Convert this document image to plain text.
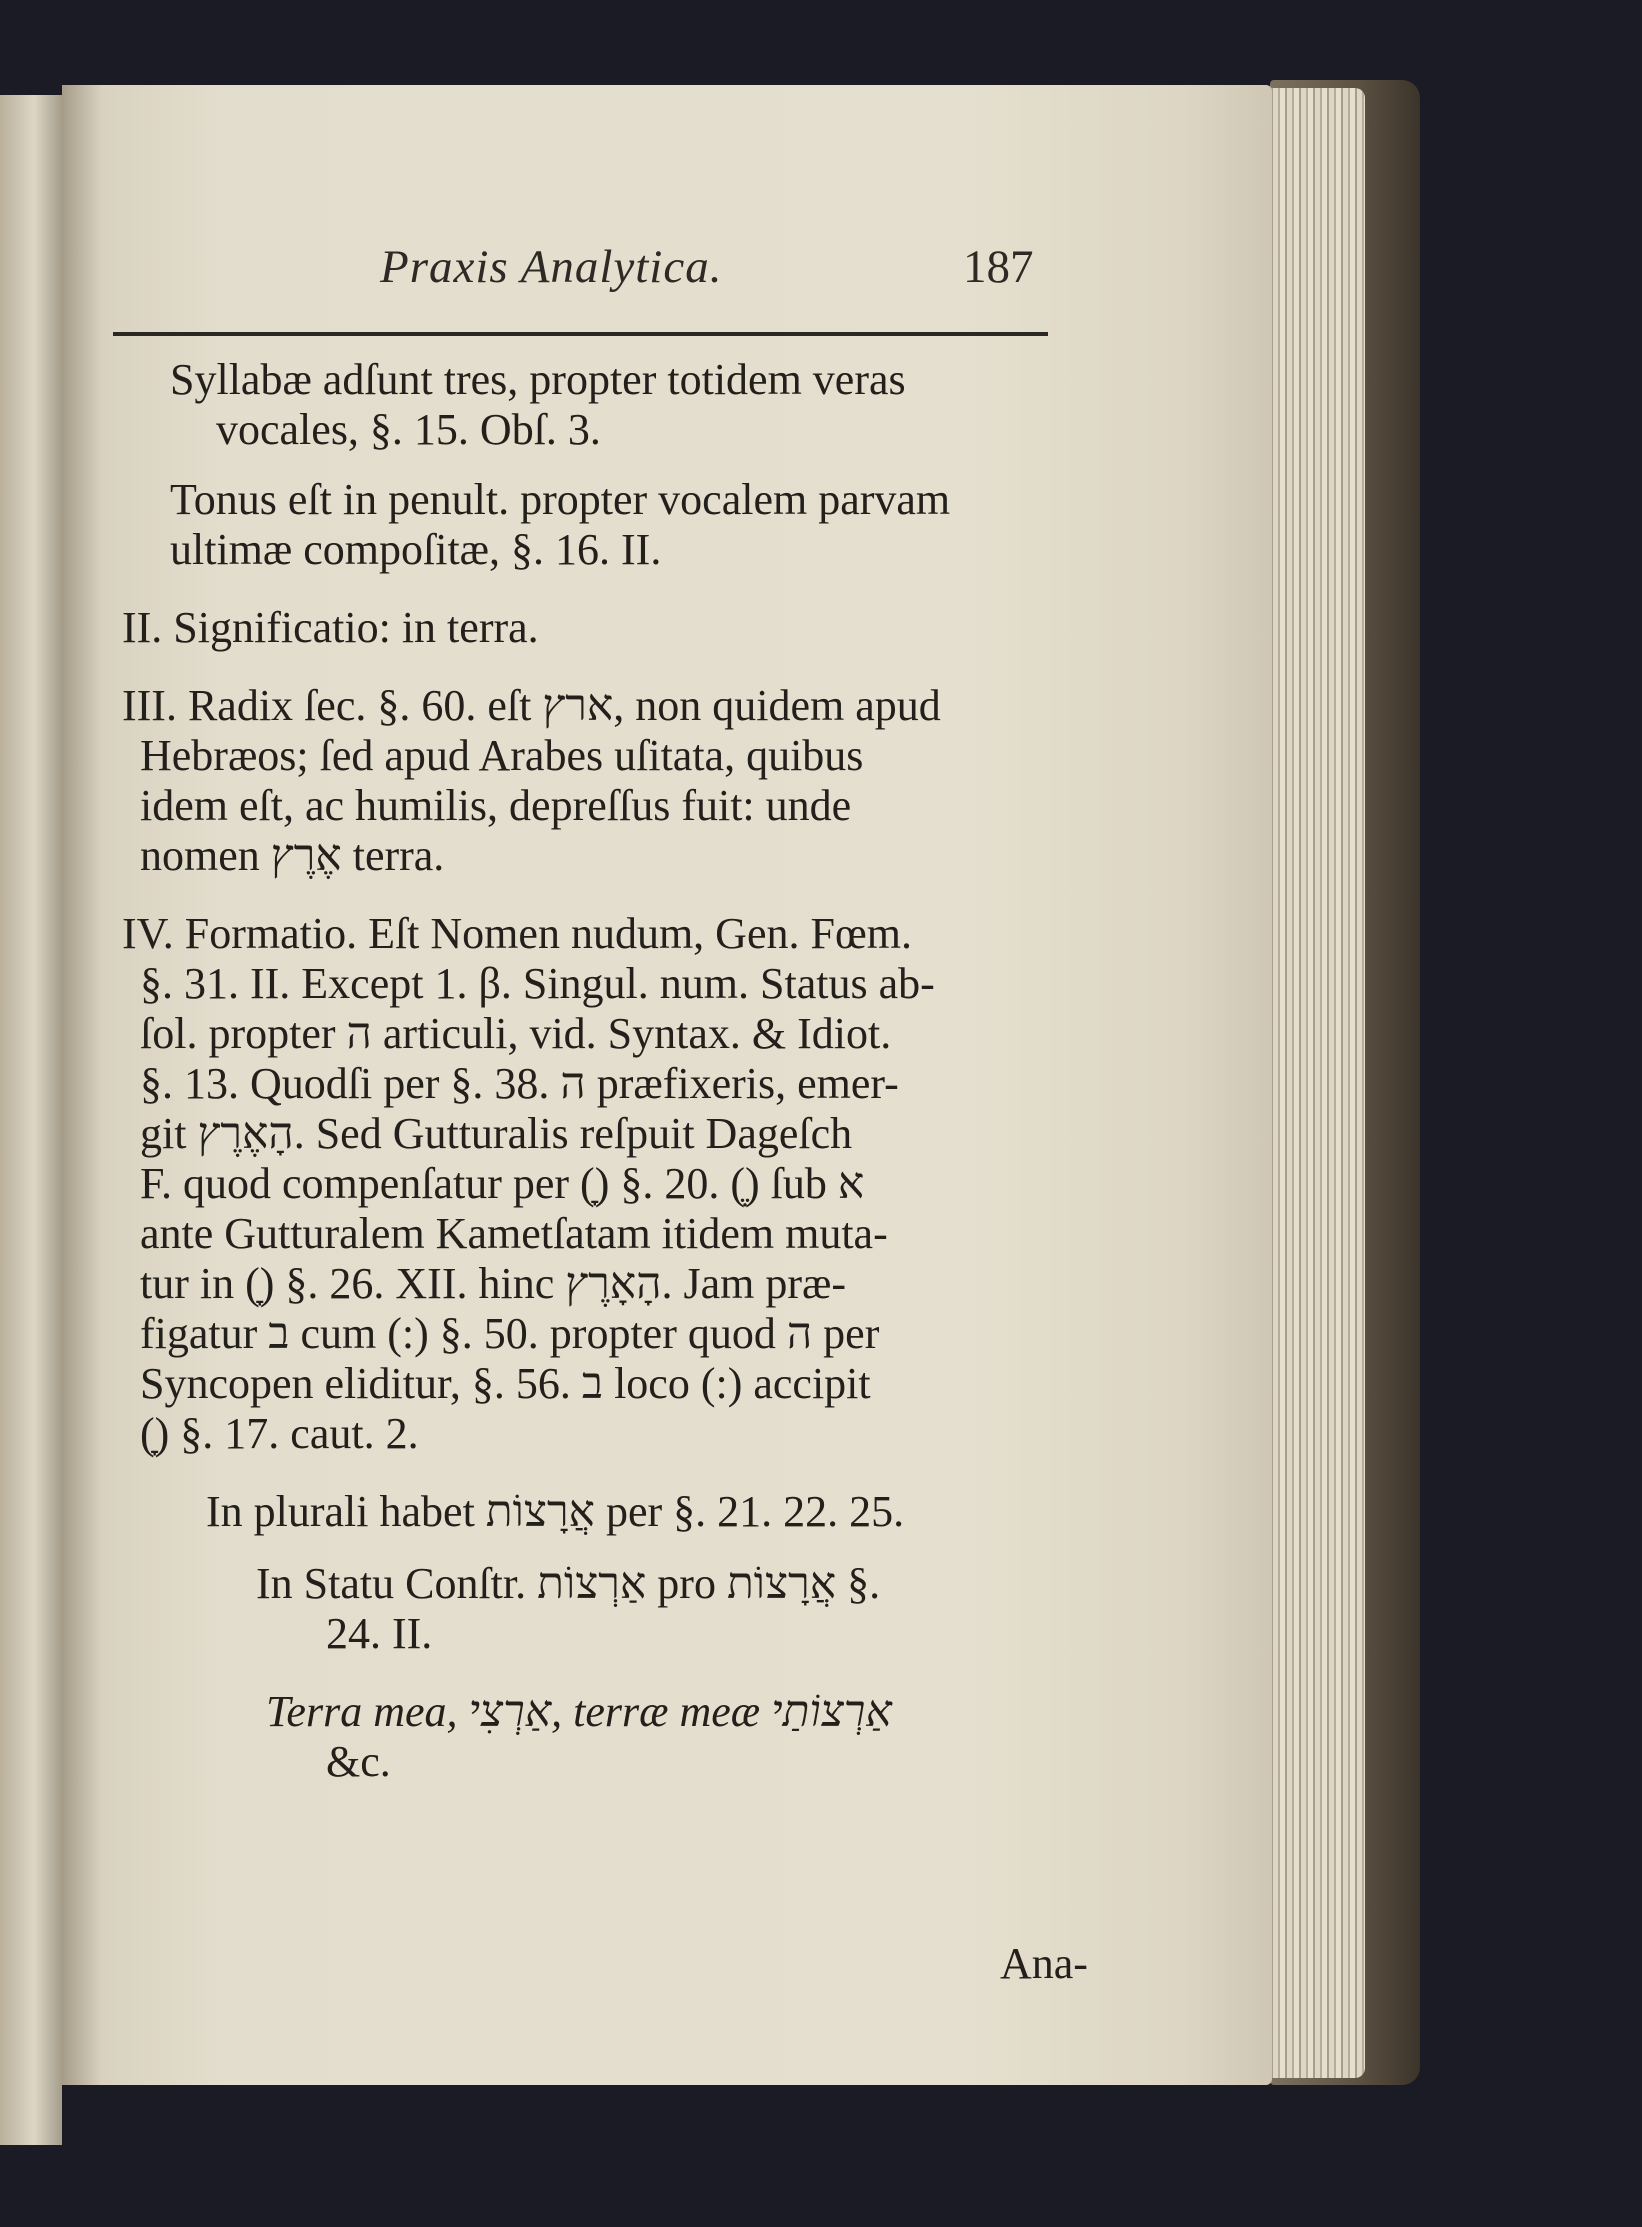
Praxis Analytica.	187

Syllabæ adſunt tres, propter totidem veras

vocales, §. 15. Obſ. 3.

Tonus eſt in penult. propter vocalem parvam

ultimæ compoſitæ, §. 16. II.

II. Significatio: in terra.

III. Radix ſec. §. 60. eſt ארץ, non quidem apud

Hebræos; ſed apud Arabes uſitata, quibus

idem eſt, ac humilis, depreſſus fuit: unde

nomen אֶרֶץ terra.

IV. Formatio. Eſt Nomen nudum, Gen. Fœm.

§. 31. II. Except 1. β. Singul. num. Status ab-

ſol. propter ה articuli, vid. Syntax. & Idiot.

§. 13. Quodſi per §. 38. ה præfixeris, emer-

git הָאֶרֶץ. Sed Gutturalis reſpuit Dageſch

F. quod compenſatur per (ָ) §. 20. (ֶ) ſub א

ante Gutturalem Kametſatam itidem muta-

tur in (ָ) §. 26. XII. hinc הָאָרֶץ. Jam præ-

figatur ב cum (:) §. 50. propter quod ה per

Syncopen eliditur, §. 56. ב loco (:) accipit

(ָ) §. 17. caut. 2.

In plurali habet אֲרָצוֹת per §. 21. 22. 25.

In Statu Conſtr. אַרְצוֹת pro אֲרָצוֹת §.

24. II.

Terra mea, אַרְצִי, terræ meæ אַרְצוֹתַי

&c.

Ana-
